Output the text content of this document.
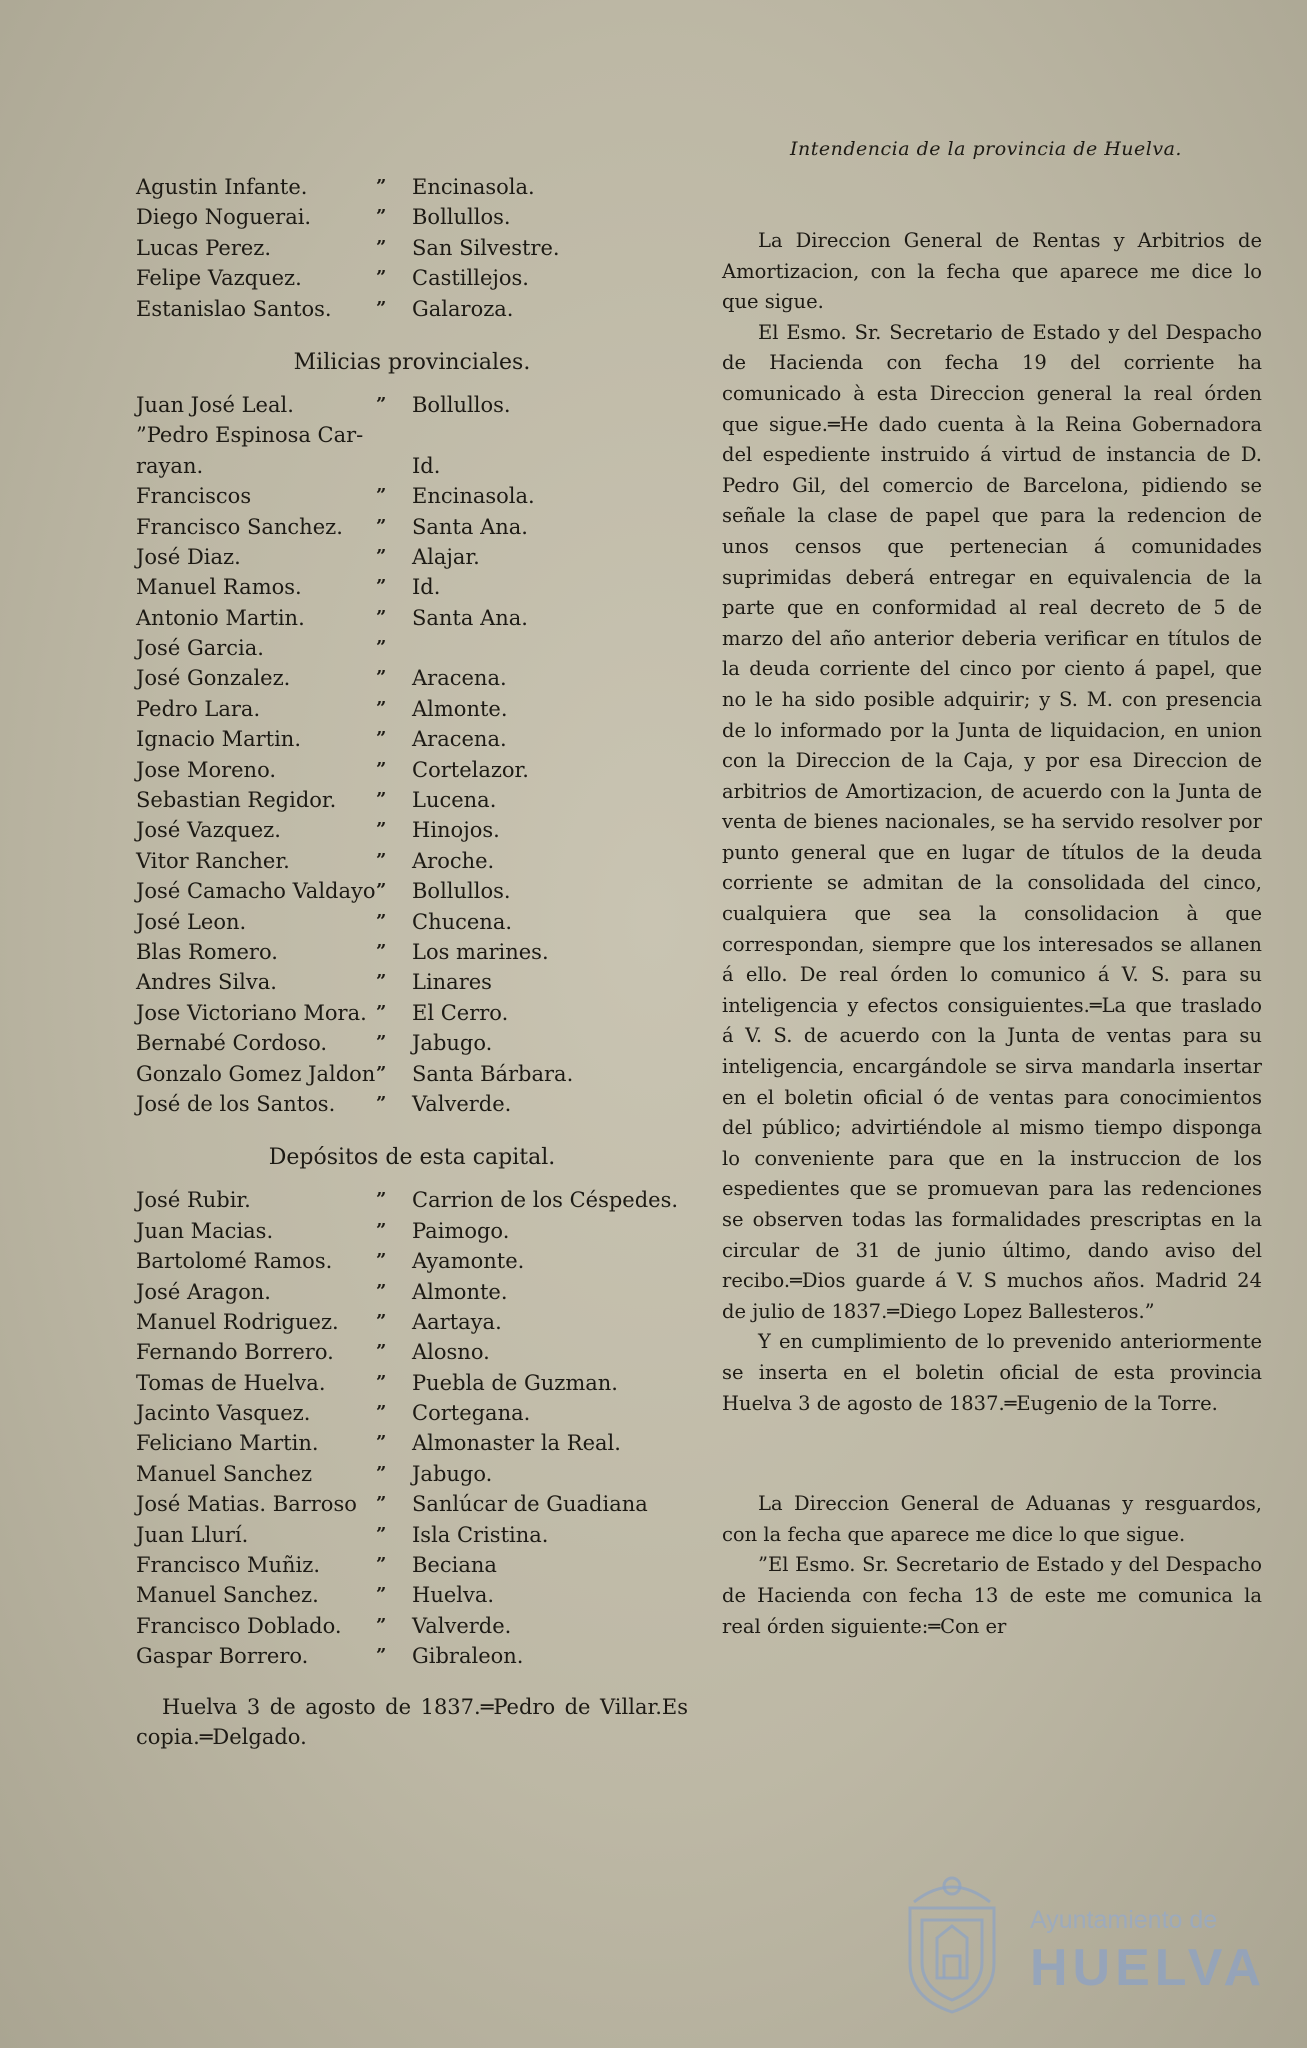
Intendencia de la provincia de Huelva.
Agustin Infante.	” Encinasola.
Diego Noguerai.	” Bollullos.
Lucas Perez.	” San Silvestre.
Felipe Vazquez.	” Castillejos.
Estanislao Santos. ” Galaroza.
Milicias provinciales.
Juan José Leal.	” Bollullos.
”Pedro Espinosa Car-
rayan.	Id.
Franciscos	” Encinasola.
Francisco Sanchez. ” Santa Ana.
José Diaz.	” Alajar.
Manuel Ramos.	” Id.
Antonio Martin.	” Santa Ana.
José Garcia.	”
José Gonzalez.	” Aracena.
Pedro Lara.	” Almonte.
Ignacio Martin.	” Aracena.
Jose Moreno.	” Cortelazor.
Sebastian Regidor. ” Lucena.
José Vazquez.	” Hinojos.
Vitor Rancher.	” Aroche.
José Camacho Valdayo ” Bollullos.
José Leon.	” Chucena.
Blas Romero.	” Los marines.
Andres Silva.	” Linares
Jose Victoriano Mora. ” El Cerro.
Bernabé Cordoso.	” Jabugo.
Gonzalo Gomez Jaldon ” Santa Bárbara.
José de los Santos. ” Valverde.
Depósitos de esta capital.
José Rubir.	” Carrion de los Céspedes.
Juan Macias.	” Paimogo.
Bartolomé Ramos. ” Ayamonte.
José Aragon.	” Almonte.
Manuel Rodriguez. ” Aartaya.
Fernando Borrero. ” Alosno.
Tomas de Huelva.	” Puebla de Guzman.
Jacinto Vasquez.	” Cortegana.
Feliciano Martin.	” Almonaster la Real.
Manuel Sanchez	” Jabugo.
José Matias. Barroso ” Sanlúcar de Guadiana
Juan Llurí.	” Isla Cristina.
Francisco Muñiz.	” Beciana
Manuel Sanchez.	” Huelva.
Francisco Doblado. ” Valverde.
Gaspar Borrero.	” Gibraleon.
Huelva 3 de agosto de 1837.═Pedro de Villar.Es copia.═Delgado.

La Direccion General de Rentas y Arbitrios de Amortizacion, con la fecha que aparece me dice lo que sigue.

El Esmo. Sr. Secretario de Estado y del Despacho de Hacienda con fecha 19 del corriente ha comunicado à esta Direccion general la real órden que sigue.═He dado cuenta à la Reina Gobernadora del espediente instruido á virtud de instancia de D. Pedro Gil, del comercio de Barcelona, pidiendo se señale la clase de papel que para la redencion de unos censos que pertenecian á comunidades suprimidas deberá entregar en equivalencia de la parte que en conformidad al real decreto de 5 de marzo del año anterior deberia verificar en títulos de la deuda corriente del cinco por ciento á papel, que no le ha sido posible adquirir; y S. M. con presencia de lo informado por la Junta de liquidacion, en union con la Direccion de la Caja, y por esa Direccion de arbitrios de Amortizacion, de acuerdo con la Junta de venta de bienes nacionales, se ha servido resolver por punto general que en lugar de títulos de la deuda corriente se admitan de la consolidada del cinco, cualquiera que sea la consolidacion à que correspondan, siempre que los interesados se allanen á ello. De real órden lo comunico á V. S. para su inteligencia y efectos consiguientes.═La que traslado á V. S. de acuerdo con la Junta de ventas para su inteligencia, encargándole se sirva mandarla insertar en el boletin oficial ó de ventas para conocimientos del público; advirtiéndole al mismo tiempo disponga lo conveniente para que en la instruccion de los espedientes que se promuevan para las redenciones se observen todas las formalidades prescriptas en la circular de 31 de junio último, dando aviso del recibo.═Dios guarde á V. S muchos años. Madrid 24 de julio de 1837.═Diego Lopez Ballesteros.”

Y en cumplimiento de lo prevenido anteriormente se inserta en el boletin oficial de esta provincia Huelva 3 de agosto de 1837.═Eugenio de la Torre.

La Direccion General de Aduanas y resguardos, con la fecha que aparece me dice lo que sigue.

”El Esmo. Sr. Secretario de Estado y del Despacho de Hacienda con fecha 13 de este me comunica la real órden siguiente:═Con er

Ayuntamiento de
HUELVA
